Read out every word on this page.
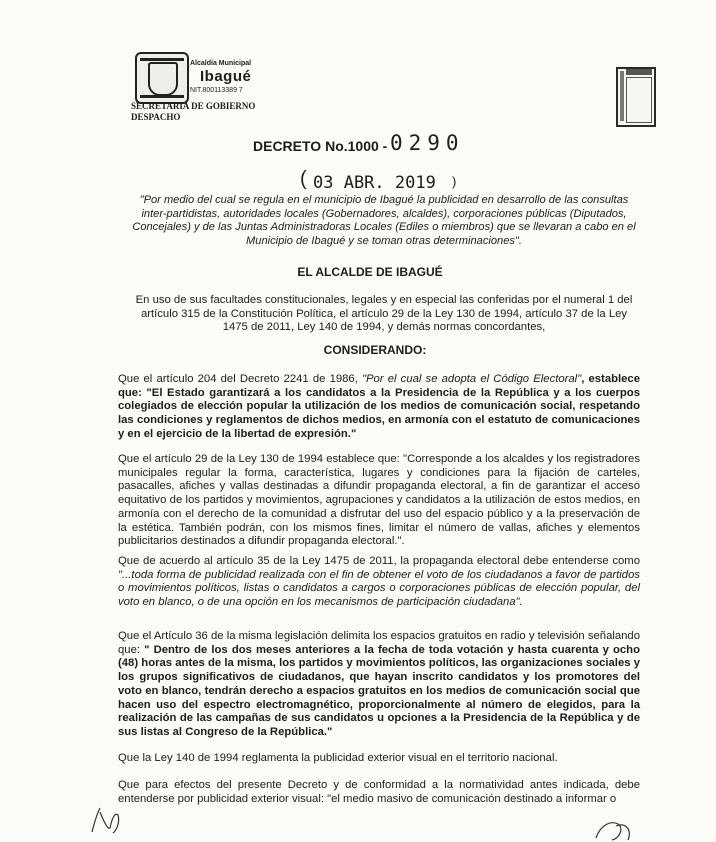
Alcaldía Municipal
Ibagué
NIT.800113389 7
SECRETARIA DE GOBIERNO
DESPACHO
DECRETO No.1000 - 0290
( 03 ABR. 2019 )
"Por medio del cual se regula en el municipio de Ibagué la publicidad en desarrollo de las consultas inter-partidistas, autoridades locales (Gobernadores, alcaldes), corporaciones públicas (Diputados, Concejales) y de las Juntas Administradoras Locales (Ediles o miembros) que se llevaran a cabo en el Municipio de Ibagué y se toman otras determinaciones".
EL ALCALDE DE IBAGUÉ
En uso de sus facultades constitucionales, legales y en especial las conferidas por el numeral 1 del artículo 315 de la Constitución Política, el artículo 29 de la Ley 130 de 1994, artículo 37 de la Ley 1475 de 2011, Ley 140 de 1994, y demás normas concordantes,
CONSIDERANDO:
Que el artículo 204 del Decreto 2241 de 1986, "Por el cual se adopta el Código Electoral", establece que: "El Estado garantizará a los candidatos a la Presidencia de la República y a los cuerpos colegiados de elección popular la utilización de los medios de comunicación social, respetando las condiciones y reglamentos de dichos medios, en armonía con el estatuto de comunicaciones y en el ejercicio de la libertad de expresión."
Que el artículo 29 de la Ley 130 de 1994 establece que: "Corresponde a los alcaldes y los registradores municipales regular la forma, característica, lugares y condiciones para la fijación de carteles, pasacalles, afiches y vallas destinadas a difundir propaganda electoral, a fin de garantizar el acceso equitativo de los partidos y movimientos, agrupaciones y candidatos a la utilización de estos medios, en armonía con el derecho de la comunidad a disfrutar del uso del espacio público y a la preservación de la estética. También podrán, con los mismos fines, limitar el número de vallas, afiches y elementos publicitarios destinados a difundir propaganda electoral.".
Que de acuerdo al artículo 35 de la Ley 1475 de 2011, la propaganda electoral debe entenderse como "...toda forma de publicidad realizada con el fin de obtener el voto de los ciudadanos a favor de partidos o movimientos políticos, listas o candidatos a cargos o corporaciones públicas de elección popular, del voto en blanco, o de una opción en los mecanismos de participación ciudadana".
Que el Artículo 36 de la misma legislación delimita los espacios gratuitos en radio y televisión señalando que: " Dentro de los dos meses anteriores a la fecha de toda votación y hasta cuarenta y ocho (48) horas antes de la misma, los partidos y movimientos políticos, las organizaciones sociales y los grupos significativos de ciudadanos, que hayan inscrito candidatos y los promotores del voto en blanco, tendrán derecho a espacios gratuitos en los medios de comunicación social que hacen uso del espectro electromagnético, proporcionalmente al número de elegidos, para la realización de las campañas de sus candidatos u opciones a la Presidencia de la República y de sus listas al Congreso de la República."
Que la Ley 140 de 1994 reglamenta la publicidad exterior visual en el territorio nacional.
Que para efectos del presente Decreto y de conformidad a la normatividad antes indicada, debe entenderse por publicidad exterior visual: "el medio masivo de comunicación destinado a informar o
